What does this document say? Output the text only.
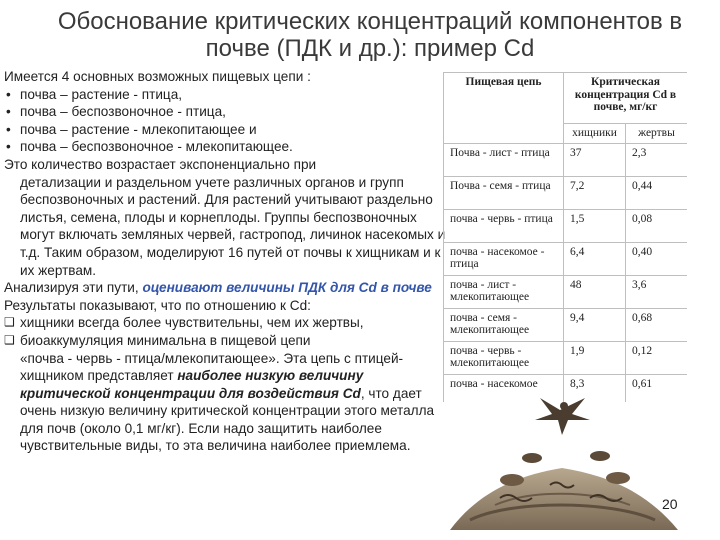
Обоснование критических концентраций компонентов в почве (ПДК и др.): пример Cd

Имеется 4 основных возможных пищевых цепи :

• почва – растение - птица,
• почва – беспозвоночное - птица,
• почва – растение - млекопитающее и
• почва – беспозвоночное - млекопитающее.

Это количество возрастает экспоненциально при

детализации и раздельном учете различных органов и групп беспозвоночных и растений. Для растений учитывают раздельно листья, семена, плоды и корнеплоды. Группы беспозвоночных могут включать земляных червей, гастропод, личинок насекомых и т.д. Таким образом, моделируют 16 путей от почвы к хищникам и к их жертвам.

Анализируя эти пути, оценивают величины ПДК для Cd в почве

Результаты показывают, что по отношению к Cd:

❑ хищники всегда более чувствительны, чем их жертвы,
❑ биоаккумуляция минимальна в пищевой цепи
«почва - червь - птица/млекопитающее». Эта цепь с птицей-хищником представляет наиболее низкую величину критической концентрации для воздействия Cd, что дает очень низкую величину критической концентрации этого металла для почв (около 0,1 мг/кг). Если надо защитить наиболее чувствительные виды, то эта величина наиболее приемлема.
Пищевая цепь	Критическая концентрация Cd в почве, мг/кг	
	хищники	жертвы
Почва - лист - птица	37	2,3
Почва - семя - птица	7,2	0,44
почва - червь - птица	1,5	0,08
почва - насекомое - птица	6,4	0,40
почва - лист - млекопитающее	48	3,6
почва - семя - млекопитающее	9,4	0,68
почва - червь - млекопитающее	1,9	0,12
почва - насекомое	8,3	0,61
20
